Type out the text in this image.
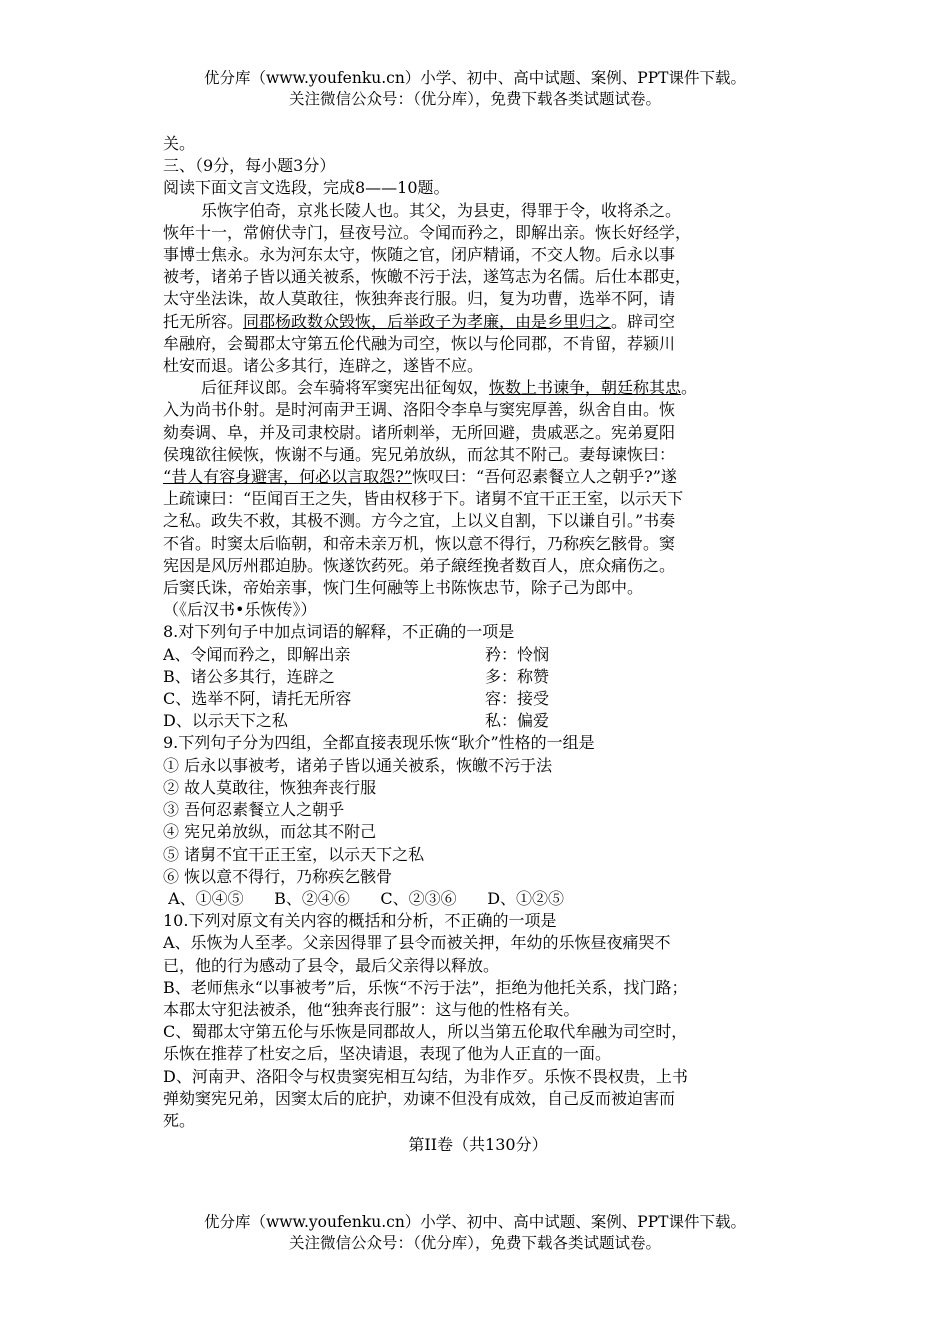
优分库（www.youfenku.cn）小学、初中、高中试题、案例、PPT课件下载。
关注微信公众号：（优分库），免费下载各类试题试卷。
关。
三、（9分，每小题3分）
阅读下面文言文选段，完成8——10题。
乐恢字伯奇，京兆长陵人也。其父，为县吏，得罪于令，收将杀之。
恢年十一，常俯伏寺门，昼夜号泣。令闻而矜之，即解出亲。恢长好经学，
事博士焦永。永为河东太守，恢随之官，闭庐精诵，不交人物。后永以事
被考，诸弟子皆以通关被系，恢皦不污于法，遂笃志为名儒。后仕本郡吏，
太守坐法诛，故人莫敢往，恢独奔丧行服。归，复为功曹，选举不阿，请
托无所容。同郡杨政数众毁恢，后举政子为孝廉，由是乡里归之。辟司空
牟融府，会蜀郡太守第五伦代融为司空，恢以与伦同郡，不肯留，荐颍川
杜安而退。诸公多其行，连辟之，遂皆不应。
后征拜议郎。会车骑将军窦宪出征匈奴，恢数上书谏争，朝廷称其忠。
入为尚书仆射。是时河南尹王调、洛阳令李阜与窦宪厚善，纵舍自由。恢
劾奏调、阜，并及司隶校尉。诸所刺举，无所回避，贵戚恶之。宪弟夏阳
侯瑰欲往候恢，恢谢不与通。宪兄弟放纵，而忿其不附己。妻每谏恢曰：
“昔人有容身避害，何必以言取怨?”恢叹曰：“吾何忍素餐立人之朝乎?”遂
上疏谏曰：“臣闻百王之失，皆由权移于下。诸舅不宜干正王室，以示天下
之私。政失不救，其极不测。方今之宜，上以义自割，下以谦自引。”书奏
不省。时窦太后临朝，和帝未亲万机，恢以意不得行，乃称疾乞骸骨。窦
宪因是风厉州郡迫胁。恢遂饮药死。弟子縗绖挽者数百人，庶众痛伤之。
后窦氏诛，帝始亲事，恢门生何融等上书陈恢忠节，除子己为郎中。
（《后汉书•乐恢传》）
8.对下列句子中加点词语的解释，不正确的一项是
A、令闻而矜之，即解出亲	矜：怜悯
B、诸公多其行，连辟之	多：称赞
C、选举不阿，请托无所容	容：接受
D、以示天下之私	私：偏爱
9.下列句子分为四组，全都直接表现乐恢“耿介”性格的一组是
① 后永以事被考，诸弟子皆以通关被系，恢皦不污于法
② 故人莫敢往，恢独奔丧行服
③ 吾何忍素餐立人之朝乎
④ 宪兄弟放纵，而忿其不附己
⑤ 诸舅不宜干正王室，以示天下之私
⑥ 恢以意不得行，乃称疾乞骸骨
A、①④⑤      B、②④⑥      C、②③⑥      D、①②⑤
10.下列对原文有关内容的概括和分析，不正确的一项是
A、乐恢为人至孝。父亲因得罪了县令而被关押，年幼的乐恢昼夜痛哭不
已，他的行为感动了县令，最后父亲得以释放。
B、老师焦永“以事被考”后，乐恢“不污于法”，拒绝为他托关系，找门路；
本郡太守犯法被杀，他“独奔丧行服”：这与他的性格有关。
C、蜀郡太守第五伦与乐恢是同郡故人，所以当第五伦取代牟融为司空时，
乐恢在推荐了杜安之后，坚决请退，表现了他为人正直的一面。
D、河南尹、洛阳令与权贵窦宪相互勾结，为非作歹。乐恢不畏权贵，上书
弹劾窦宪兄弟，因窦太后的庇护，劝谏不但没有成效，自己反而被迫害而
死。
第II卷（共130分）
优分库（www.youfenku.cn）小学、初中、高中试题、案例、PPT课件下载。
关注微信公众号：（优分库），免费下载各类试题试卷。
